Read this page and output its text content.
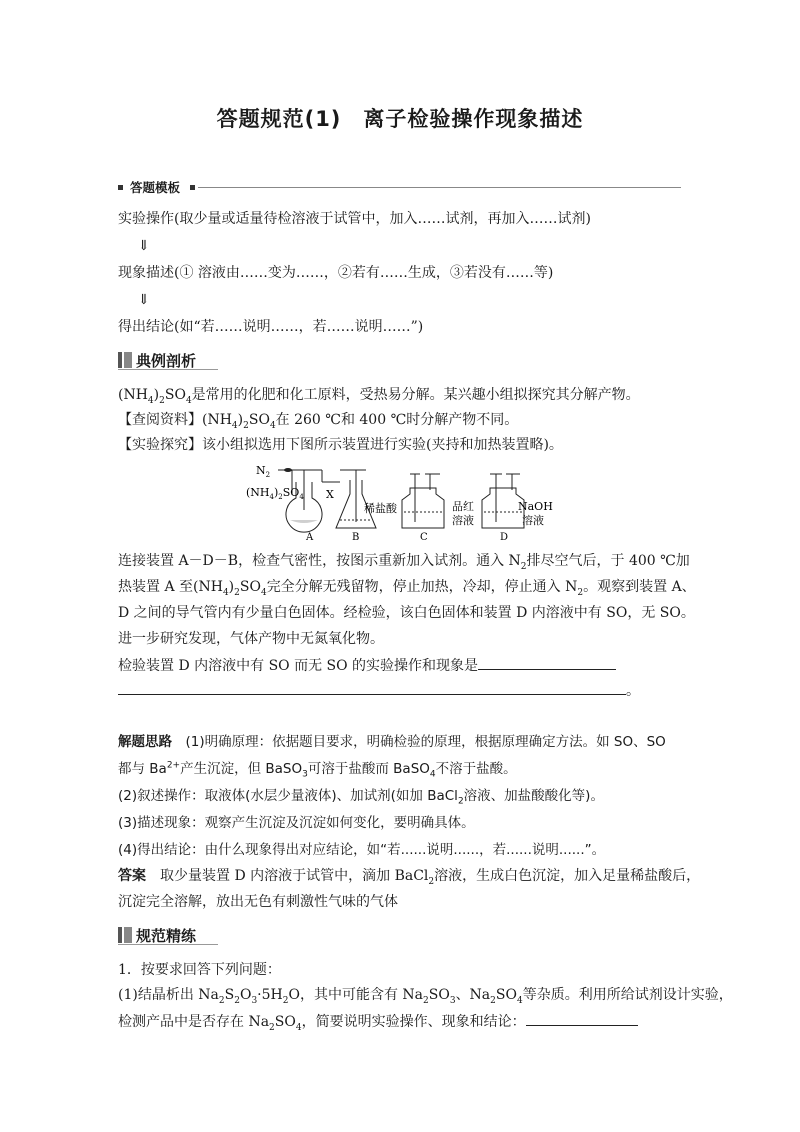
答题规范(1)　离子检验操作现象描述
答题模板
实验操作(取少量或适量待检溶液于试管中，加入……试剂，再加入……试剂)
⇓
现象描述(① 溶液由……变为……，②若有……生成，③若没有……等)
⇓
得出结论(如“若……说明……，若……说明……”)
典例剖析
$(NH_4)_2SO_4$是常用的化肥和化工原料，受热易分解。某兴趣小组拟探究其分解产物。
【查阅资料】$(NH_4)_2SO_4$在 260 ℃和 400 ℃时分解产物不同。
【实验探究】该小组拟选用下图所示装置进行实验(夹持和加热装置略)。
$N_2$
$(NH_4)_2SO_4$ X
稀盐酸	品红
溶液
NaOH
溶液
A	B	C	D
连接装置 A－D－B，检查气密性，按图示重新加入试剂。通入 $N_2$排尽空气后，于 400 ℃加
热装置 A 至$(NH_4)_2SO_4$完全分解无残留物，停止加热，冷却，停止通入 $N_2$。观察到装置 A、
D 之间的导气管内有少量白色固体。经检验，该白色固体和装置 D 内溶液中有 SO，无 SO。
进一步研究发现，气体产物中无氮氧化物。
检验装置 D 内溶液中有 SO 而无 SO 的实验操作和现象是
。
解题思路　 (1)明确原理：依据题目要求，明确检验的原理，根据原理确定方法。如 SO、SO
都与 $Ba^{2+}$产生沉淀，但 BaSO$_3$可溶于盐酸而 BaSO$_4$不溶于盐酸。
(2)叙述操作：取液体(水层少量液体)、加试剂(如加 BaCl$_2$溶液、加盐酸酸化等)。
(3)描述现象：观察产生沉淀及沉淀如何变化，要明确具体。
(4)得出结论：由什么现象得出对应结论，如“若......说明......，若......说明......”。
答案　 取少量装置 D 内溶液于试管中，滴加 BaCl$_2$溶液，生成白色沉淀，加入足量稀盐酸后，
沉淀完全溶解，放出无色有刺激性气味的气体
规范精练
1．按要求回答下列问题：
(1)结晶析出 $Na_2S_2O_3\cdot 5H_2O$，其中可能含有 $Na_2SO_3$、$Na_2SO_4$等杂质。利用所给试剂设计实验，
检测产品中是否存在 $Na_2SO_4$，简要说明实验操作、现象和结论：
